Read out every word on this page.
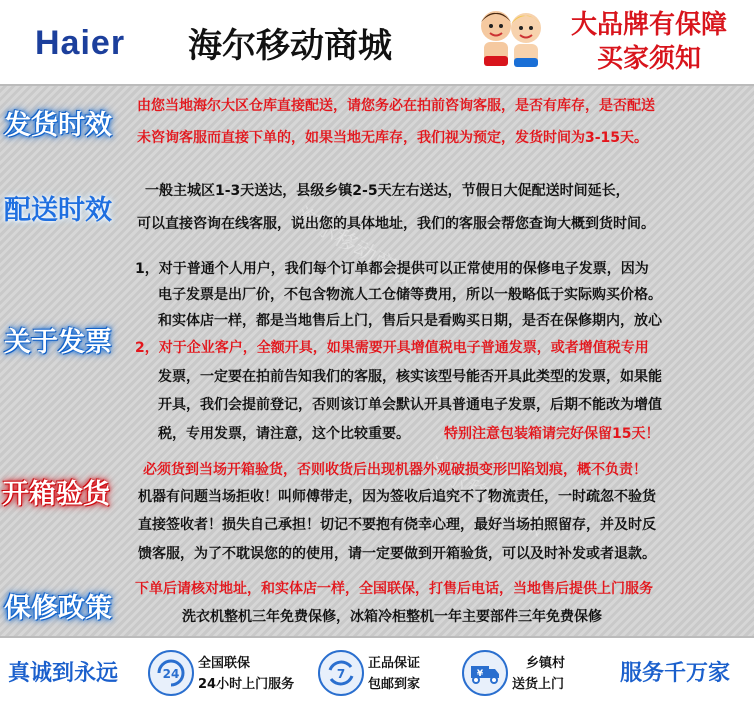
海尔移动商城
海尔移动商城
Haier 海尔移动商城
大品牌有保障
买家须知
发货时效
由您当地海尔大区仓库直接配送，请您务必在拍前咨询客服，是否有库存，是否配送
未咨询客服而直接下单的，如果当地无库存，我们视为预定，发货时间为3-15天。
配送时效
一般主城区1-3天送达，县级乡镇2-5天左右送达，节假日大促配送时间延长，
可以直接咨询在线客服，说出您的具体地址，我们的客服会帮您查询大概到货时间。
关于发票
1，对于普通个人用户，我们每个订单都会提供可以正常使用的保修电子发票，因为
电子发票是出厂价，不包含物流人工仓储等费用，所以一般略低于实际购买价格。
和实体店一样，都是当地售后上门，售后只是看购买日期，是否在保修期内，放心
2，对于企业客户，全额开具，如果需要开具增值税电子普通发票，或者增值税专用
发票，一定要在拍前告知我们的客服，核实该型号能否开具此类型的发票，如果能
开具，我们会提前登记，否则该订单会默认开具普通电子发票，后期不能改为增值
税，专用发票，请注意，这个比较重要。 特别注意包装箱请完好保留15天！
开箱验货
必须货到当场开箱验货，否则收货后出现机器外观破损变形凹陷划痕，概不负责！
机器有问题当场拒收！叫师傅带走，因为签收后追究不了物流责任，一时疏忽不验货
直接签收者！损失自己承担！切记不要抱有侥幸心理，最好当场拍照留存，并及时反
馈客服，为了不耽误您的的使用，请一定要做到开箱验货，可以及时补发或者退款。
保修政策
下单后请核对地址，和实体店一样，全国联保，打售后电话，当地售后提供上门服务
洗衣机整机三年免费保修，冰箱冷柜整机一年主要部件三年免费保修
真诚到永远	24
全国联保
24小时上门服务
7
正品保证
包邮到家
¥
乡镇村
送货上门	服务千万家
